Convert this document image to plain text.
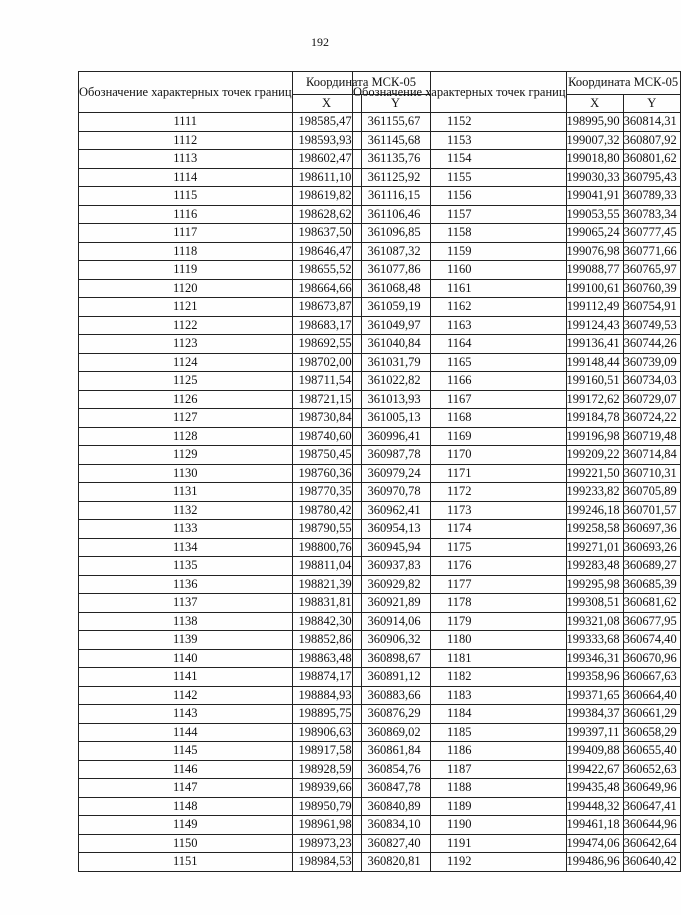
192
Обозначение характерных точек границ	Координата МСК-05	
	X	Y
1111	198585,47	361155,67
1112	198593,93	361145,68
1113	198602,47	361135,76
1114	198611,10	361125,92
1115	198619,82	361116,15
1116	198628,62	361106,46
1117	198637,50	361096,85
1118	198646,47	361087,32
1119	198655,52	361077,86
1120	198664,66	361068,48
1121	198673,87	361059,19
1122	198683,17	361049,97
1123	198692,55	361040,84
1124	198702,00	361031,79
1125	198711,54	361022,82
1126	198721,15	361013,93
1127	198730,84	361005,13
1128	198740,60	360996,41
1129	198750,45	360987,78
1130	198760,36	360979,24
1131	198770,35	360970,78
1132	198780,42	360962,41
1133	198790,55	360954,13
1134	198800,76	360945,94
1135	198811,04	360937,83
1136	198821,39	360929,82
1137	198831,81	360921,89
1138	198842,30	360914,06
1139	198852,86	360906,32
1140	198863,48	360898,67
1141	198874,17	360891,12
1142	198884,93	360883,66
1143	198895,75	360876,29
1144	198906,63	360869,02
1145	198917,58	360861,84
1146	198928,59	360854,76
1147	198939,66	360847,78
1148	198950,79	360840,89
1149	198961,98	360834,10
1150	198973,23	360827,40
1151	198984,53	360820,81
Обозначение характерных точек границ	Координата МСК-05	
	X	Y
1152	198995,90	360814,31
1153	199007,32	360807,92
1154	199018,80	360801,62
1155	199030,33	360795,43
1156	199041,91	360789,33
1157	199053,55	360783,34
1158	199065,24	360777,45
1159	199076,98	360771,66
1160	199088,77	360765,97
1161	199100,61	360760,39
1162	199112,49	360754,91
1163	199124,43	360749,53
1164	199136,41	360744,26
1165	199148,44	360739,09
1166	199160,51	360734,03
1167	199172,62	360729,07
1168	199184,78	360724,22
1169	199196,98	360719,48
1170	199209,22	360714,84
1171	199221,50	360710,31
1172	199233,82	360705,89
1173	199246,18	360701,57
1174	199258,58	360697,36
1175	199271,01	360693,26
1176	199283,48	360689,27
1177	199295,98	360685,39
1178	199308,51	360681,62
1179	199321,08	360677,95
1180	199333,68	360674,40
1181	199346,31	360670,96
1182	199358,96	360667,63
1183	199371,65	360664,40
1184	199384,37	360661,29
1185	199397,11	360658,29
1186	199409,88	360655,40
1187	199422,67	360652,63
1188	199435,48	360649,96
1189	199448,32	360647,41
1190	199461,18	360644,96
1191	199474,06	360642,64
1192	199486,96	360640,42
